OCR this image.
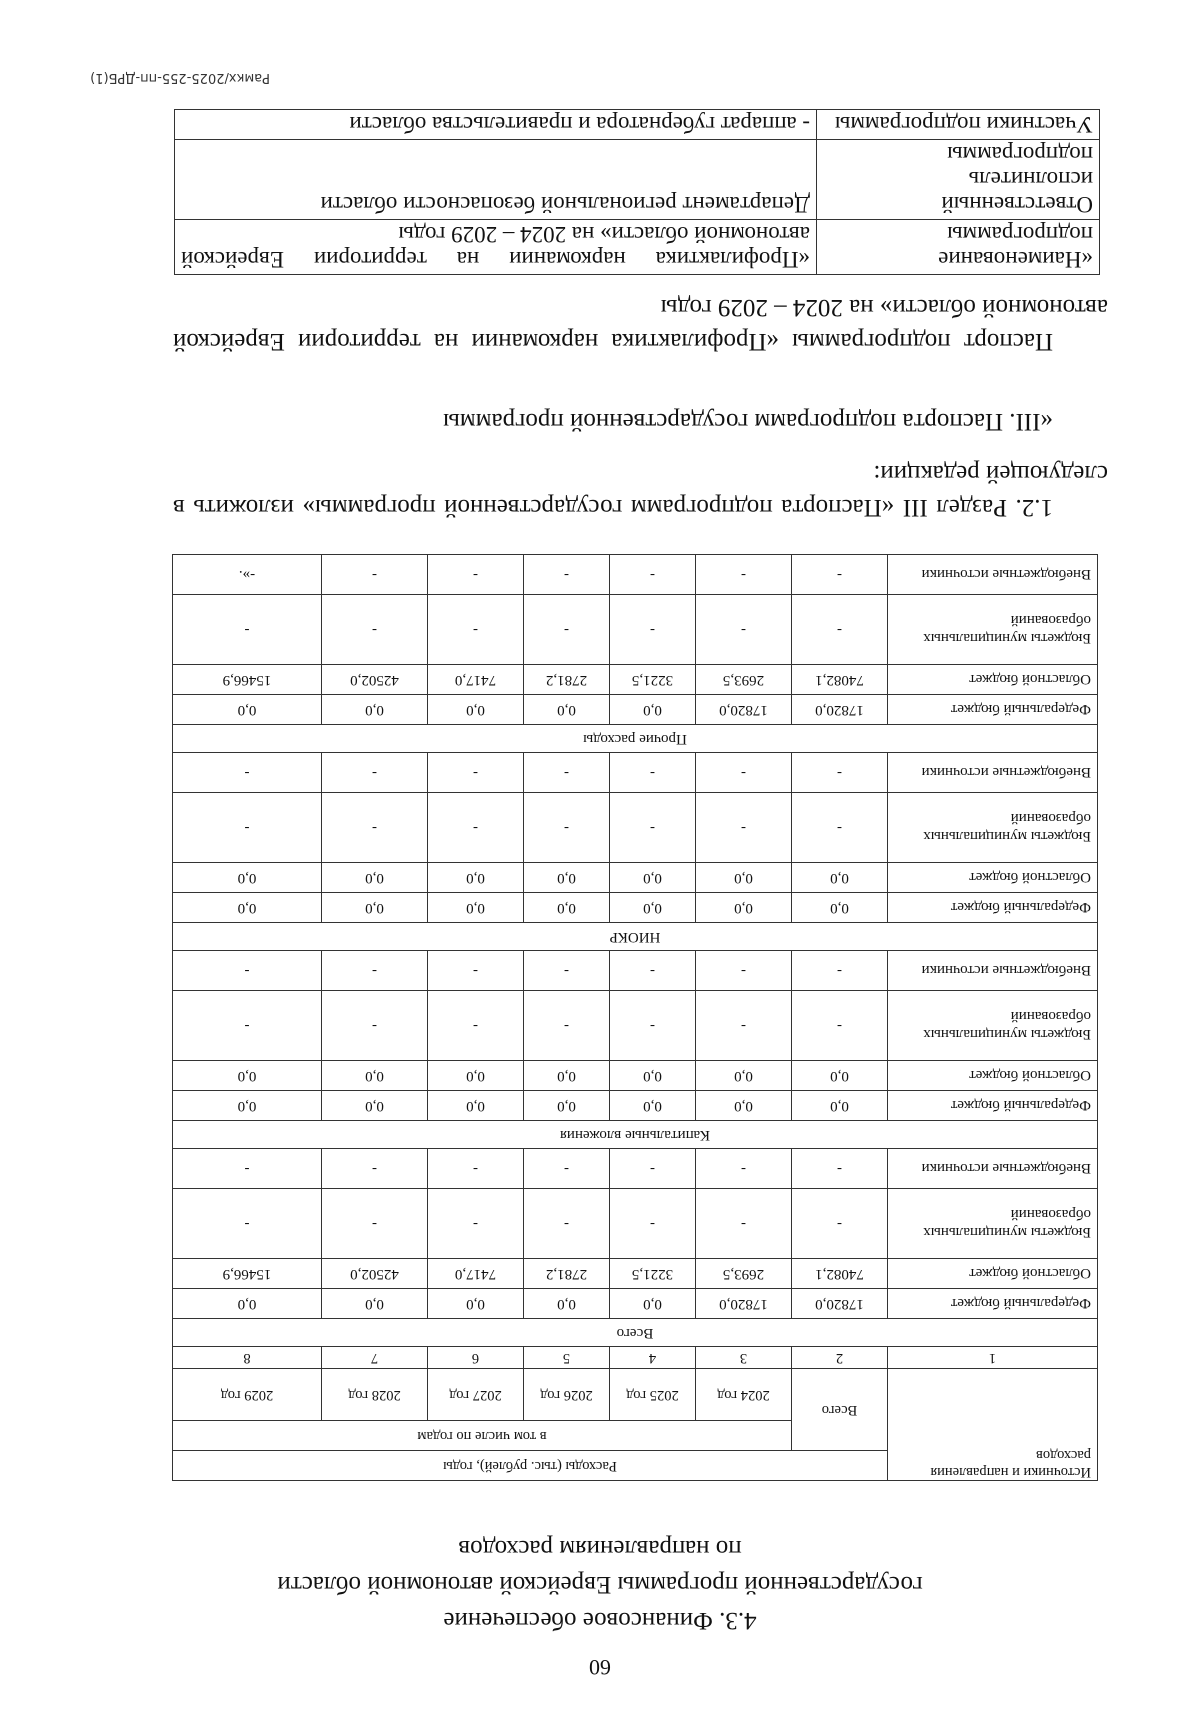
60
4.3. Финансовое обеспечение
государственной программы Еврейской автономной области
по направлениям расходов
Источники и направления расходов	Расходы (тыс. рублей), годы						
	Всего	в том числе по годам					
		2024 год	2025 год	2026 год	2027 год	2028 год	2029 год
1	2	3	4	5	6	7	8
Всего							
Федеральный бюджет	17820,0	17820,0	0,0	0,0	0,0	0,0	0,0
Областной бюджет	74082,1	2693,5	3221,5	2781,2	7417,0	42502,0	15466,9
Бюджеты муниципальных образований	-	-	-	-	-	-	-
Внебюджетные источники	-	-	-	-	-	-	-
Капитальные вложения							
Федеральный бюджет	0,0	0,0	0,0	0,0	0,0	0,0	0,0
Областной бюджет	0,0	0,0	0,0	0,0	0,0	0,0	0,0
Бюджеты муниципальных образований	-	-	-	-	-	-	-
Внебюджетные источники	-	-	-	-	-	-	-
НИОКР							
Федеральный бюджет	0,0	0,0	0,0	0,0	0,0	0,0	0,0
Областной бюджет	0,0	0,0	0,0	0,0	0,0	0,0	0,0
Бюджеты муниципальных образований	-	-	-	-	-	-	-
Внебюджетные источники	-	-	-	-	-	-	-
Прочие расходы							
Федеральный бюджет	17820,0	17820,0	0,0	0,0	0,0	0,0	0,0
Областной бюджет	74082,1	2693,5	3221,5	2781,2	7417,0	42502,0	15466,9
Бюджеты муниципальных образований	-	-	-	-	-	-	-
Внебюджетные источники	-	-	-	-	-	-	-».
1.2. Раздел III «Паспорта подпрограмм государственной программы» изложить в следующей редакции:
«III. Паспорта подпрограмм государственной программы
Паспорт подпрограммы «Профилактика наркомании на территории Еврейской автономной области» на 2024 – 2029 годы
«Наименование подпрограммы	«Профилактика наркомании на территории Еврейской автономной области» на 2024 – 2029 годы
Ответственный исполнитель подпрограммы	Департамент региональной безопасности области
Участники подпрограммы	- аппарат губернатора и правительства области
Рамкх/2025-255-пп-ДРБ(1)
